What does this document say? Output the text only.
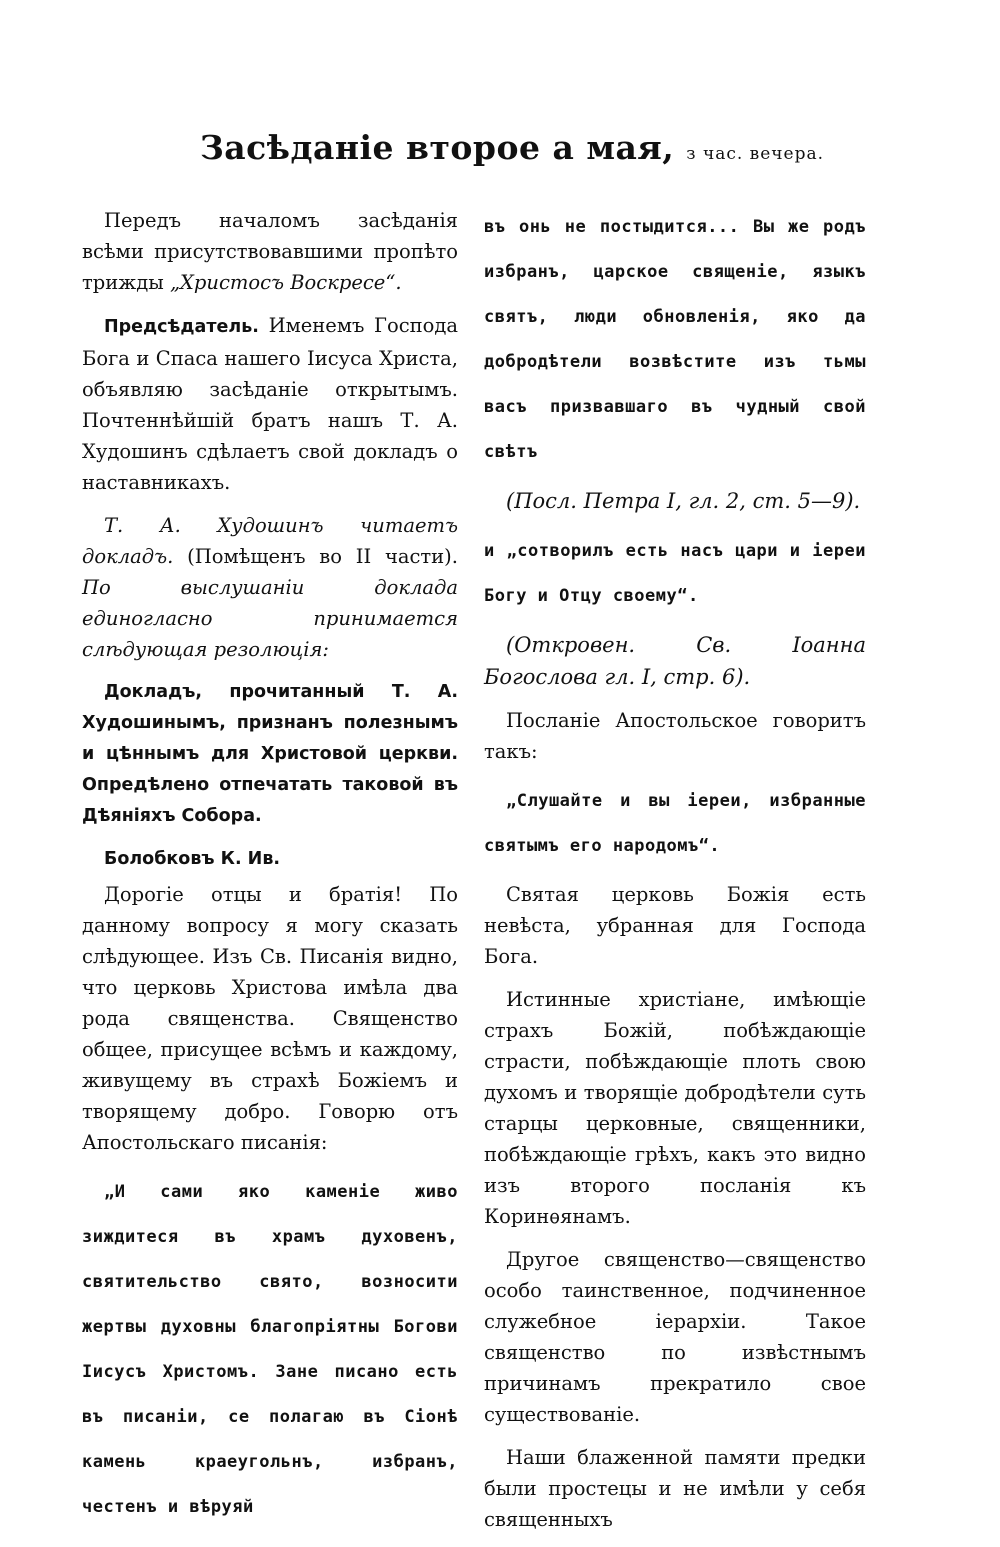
Засѣданіе второе а мая, з час. вечера.

Передъ началомъ засѣданія всѣми присутствовавшими пропѣто трижды „Христосъ Воскресе“.

Предсѣдатель. Именемъ Господа Бога и Спаса нашего Іисуса Христа, объявляю засѣданіе открытымъ. Почтеннѣйшій братъ нашъ Т. А. Худошинъ сдѣлаетъ свой докладъ о наставникахъ.

Т. А. Худошинъ читаетъ докладъ. (Помѣщенъ во II части). По выслушаніи доклада единогласно принимается слѣдующая резолюція:

Докладъ, прочитанный Т. А. Худошинымъ, признанъ полезнымъ и цѣннымъ для Христовой церкви. Опредѣлено отпечатать таковой въ Дѣяніяхъ Собора.

Болобковъ К. Ив.

Дорогіе отцы и братія! По данному вопросу я могу сказать слѣдующее. Изъ Св. Писанія видно, что церковь Христова имѣла два рода священства. Священство общее, присущее всѣмъ и каждому, живущему въ страхѣ Божіемъ и творящему добро. Говорю отъ Апостольскаго писанія:

„И сами яко каменіе живо зиждитеся въ храмъ духовенъ, святительство свято, возносити жертвы духовны благопріятны Богови Іисусъ Христомъ. Зане писано есть въ писаніи, се полагаю въ Сіонѣ камень краеугольнъ, избранъ, честенъ и вѣруяй

въ онь не постыдится... Вы же родъ избранъ, царское священіе, языкъ святъ, люди обновленія, яко да добродѣтели возвѣстите изъ тьмы васъ призвавшаго въ чудный свой свѣтъ

(Посл. Петра I, гл. 2, ст. 5—9).

и „сотворилъ есть насъ цари и іереи Богу и Отцу своему“.

(Откровен. Св. Іоанна Богослова гл. I, стр. 6).

Посланіе Апостольское говоритъ такъ:

„Слушайте и вы іереи, избранные святымъ его народомъ“.

Святая церковь Божія есть невѣста, убранная для Господа Бога.

Истинные христіане, имѣющіе страхъ Божій, побѣждающіе страсти, побѣждающіе плоть свою духомъ и творящіе добродѣтели суть старцы церковные, священники, побѣждающіе грѣхъ, какъ это видно изъ второго посланія къ Коринѳянамъ.

Другое священство—священство особо таинственное, подчиненное служебное іерархіи. Такое священство по извѣстнымъ причинамъ прекратило свое существованіе.

Наши блаженной памяти предки были простецы и не имѣли у себя священныхъ
